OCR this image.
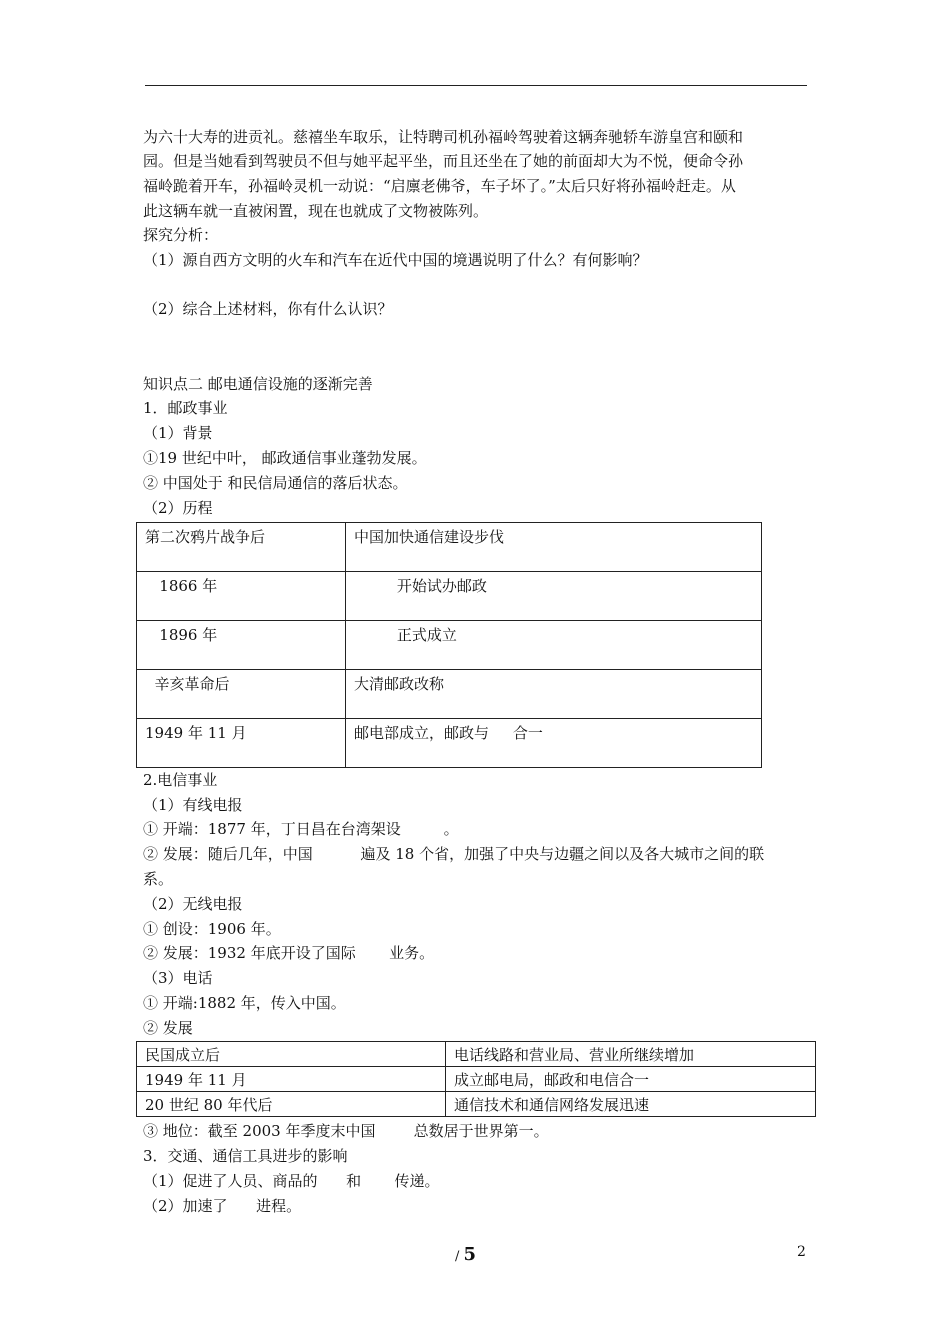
为六十大寿的进贡礼。慈禧坐车取乐，让特聘司机孙福岭驾驶着这辆奔驰轿车游皇宫和颐和
园。但是当她看到驾驶员不但与她平起平坐，而且还坐在了她的前面却大为不悦，便命令孙
福岭跪着开车，孙福岭灵机一动说：“启廪老佛爷，车子坏了。”太后只好将孙福岭赶走。从
此这辆车就一直被闲置，现在也就成了文物被陈列。
探究分析：
（1）源自西方文明的火车和汽车在近代中国的境遇说明了什么？有何影响？
（2）综合上述材料，你有什么认识？
知识点二 邮电通信设施的逐渐完善
1．邮政事业
（1）背景
①19 世纪中叶， 邮政通信事业蓬勃发展。
② 中国处于 和民信局通信的落后状态。
（2）历程
第二次鸦片战争后	中国加快通信建设步伐
1866 年	开始试办邮政
1896 年	正式成立
辛亥革命后	大清邮政改称
1949 年 11 月	邮电部成立，邮政与     合一
2.电信事业
（1）有线电报
① 开端：1877 年，丁日昌在台湾架设         。
② 发展：随后几年，中国          遍及 18 个省，加强了中央与边疆之间以及各大城市之间的联
系。
（2）无线电报
① 创设：1906 年。
② 发展：1932 年底开设了国际       业务。
（3）电话
① 开端:1882 年，传入中国。
② 发展
民国成立后	电话线路和营业局、营业所继续增加
1949 年 11 月	成立邮电局，邮政和电信合一
20 世纪 80 年代后	通信技术和通信网络发展迅速
③ 地位：截至 2003 年季度末中国        总数居于世界第一。
3．交通、通信工具进步的影响
（1）促进了人员、商品的      和       传递。
（2）加速了      进程。
/ 5	2
